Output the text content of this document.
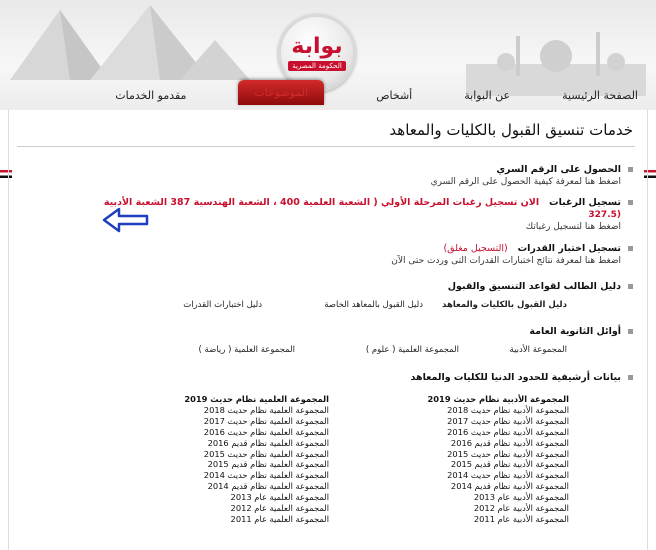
بوابة
الحكومة المصرية
الصفحة الرئيسية
عن البوابة
أشخاص
الموضوعات
مقدمو الخدمات
خدمات تنسيق القبول بالكليات والمعاهد
الحصول على الرقم السري
اضغط هنا لمعرفة كيفية الحصول على الرقم السري
تسجيل الرغبات   الان تسجيل رغبات المرحلة الأولي ( الشعبة العلمية 400 ، الشعبة الهندسية 387 الشعبة الأدبية
(327.5
اضغط هنا لتسجيل رغباتك
تسجيل اختبار القدرات   (التسجيل مغلق)
اضغط هنا لمعرفة نتائج اختبارات القدرات التى وردت حتى الآن
دليل الطالب لقواعد التنسيق والقبول
دليل القبول بالكليات والمعاهد
دليل القبول بالمعاهد الخاصة
دليل اختبارات القدرات
أوائل الثانوية العامة
المجموعة الأدبية
المجموعة العلمية ( علوم )
المجموعة العلمية ( رياضة )
بيانات أرشيفية للحدود الدنيا للكليات والمعاهد
المجموعة الأدبية نظام حديث 2019
المجموعة الأدبية نظام حديث 2018
المجموعة الأدبية نظام حديث 2017
المجموعة الأدبية نظام حديث 2016
المجموعة الأدبية نظام قديم 2016
المجموعة الأدبية نظام حديث 2015
المجموعة الأدبية نظام قديم 2015
المجموعة الأدبية نظام حديث 2014
المجموعة الأدبية نظام قديم 2014
المجموعة الأدبية عام 2013
المجموعة الأدبية عام 2012
المجموعة الأدبية عام 2011
المجموعة العلمية نظام حديث 2019
المجموعة العلمية نظام حديث 2018
المجموعة العلمية نظام حديث 2017
المجموعة العلمية نظام حديث 2016
المجموعة العلمية نظام قديم 2016
المجموعة العلمية نظام حديث 2015
المجموعة العلمية نظام قديم 2015
المجموعة العلمية نظام حديث 2014
المجموعة العلمية نظام قديم 2014
المجموعة العلمية عام 2013
المجموعة العلمية عام 2012
المجموعة العلمية عام 2011
